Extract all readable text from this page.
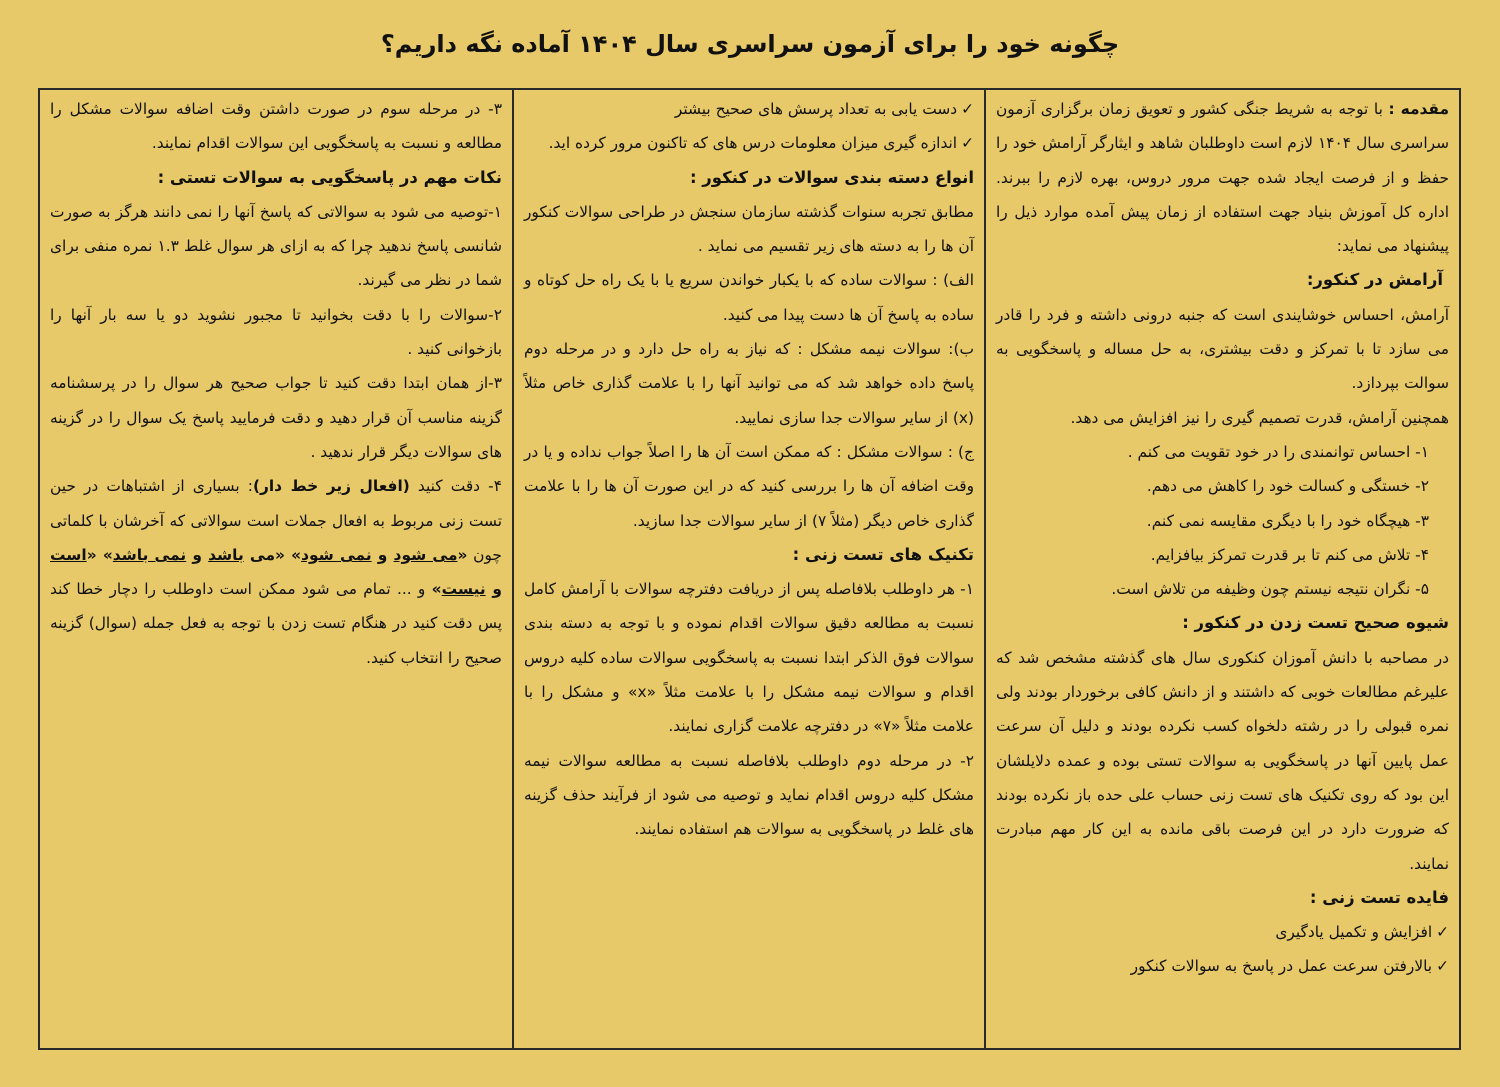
چگونه خود را برای آزمون سراسری سال ۱۴۰۴ آماده نگه داریم؟

مقدمه : با توجه به شریط جنگی کشور و تعویق زمان برگزاری آزمون سراسری سال ۱۴۰۴ لازم است داوطلبان شاهد و ایثارگر آرامش خود را حفظ و از فرصت ایجاد شده جهت مرور دروس، بهره لازم را ببرند. اداره کل آموزش بنیاد جهت استفاده از زمان پیش آمده موارد ذیل را پیشنهاد می نماید:

آرامش در کنکور:

آرامش، احساس خوشایندی است که جنبه درونی داشته و فرد را قادر می سازد تا با تمرکز و دقت بیشتری، به حل مساله و پاسخگویی به سوالت بپردازد.

همچنین آرامش، قدرت تصمیم گیری را نیز افزایش می دهد.

۱- احساس توانمندی را در خود تقویت می کنم .

۲- خستگی و کسالت خود را کاهش می دهم.

۳- هیچگاه خود را با دیگری مقایسه نمی کنم.

۴- تلاش می کنم تا بر قدرت تمرکز بیافزایم.

۵- نگران نتیجه نیستم چون وظیفه من تلاش است.

شیوه صحیح تست زدن در کنکور :

در مصاحبه با دانش آموزان کنکوری سال های گذشته مشخص شد که علیرغم مطالعات خوبی که داشتند و از دانش کافی برخوردار بودند ولی نمره قبولی را در رشته دلخواه کسب نکرده بودند و دلیل آن سرعت عمل پایین آنها در پاسخگویی به سوالات تستی بوده و عمده دلایلشان این بود که روی تکنیک های تست زنی حساب علی حده باز نکرده بودند که ضرورت دارد در این فرصت باقی مانده به این کار مهم مبادرت نمایند.

فایده تست زنی :

✓افزایش و تکمیل یادگیری

✓بالارفتن سرعت عمل در پاسخ به سوالات کنکور

✓دست یابی به تعداد پرسش های صحیح بیشتر

✓اندازه گیری میزان معلومات درس های که تاکنون مرور کرده اید.

انواع دسته بندی سوالات در کنکور :

مطابق تجربه سنوات گذشته سازمان سنجش در طراحی سوالات کنکور آن ها را به دسته های زیر تقسیم می نماید .

الف) : سوالات ساده که با یکبار خواندن سریع یا با یک راه حل کوتاه و ساده به پاسخ آن ها دست پیدا می کنید.

ب): سوالات نیمه مشکل : که نیاز به راه حل دارد و در مرحله دوم پاسخ داده خواهد شد که می توانید آنها را با علامت گذاری خاص مثلاً (x) از سایر سوالات جدا سازی نمایید.

ج) : سوالات مشکل : که ممکن است آن ها را اصلاً جواب نداده و یا در وقت اضافه آن ها را بررسی کنید که در این صورت آن ها را با علامت گذاری خاص دیگر (مثلاً ۷) از سایر سوالات جدا سازید.

تکنیک های تست زنی :

۱- هر داوطلب بلافاصله پس از دریافت دفترچه سوالات با آرامش کامل نسبت به مطالعه دقیق سوالات اقدام نموده و با توجه به دسته بندی سوالات فوق الذکر ابتدا نسبت به پاسخگویی سوالات ساده کلیه دروس اقدام و سوالات نیمه مشکل را با علامت مثلاً «x» و مشکل را با علامت مثلاً «۷» در دفترچه علامت گزاری نمایند.

۲- در مرحله دوم داوطلب بلافاصله نسبت به مطالعه سوالات نیمه مشکل کلیه دروس اقدام نماید و توصیه می شود از فرآیند حذف گزینه های غلط در پاسخگویی به سوالات هم استفاده نمایند.

۳- در مرحله سوم در صورت داشتن وقت اضافه سوالات مشکل را مطالعه و نسبت به پاسخگویی این سوالات اقدام نمایند.

نکات مهم در پاسخگویی به سوالات تستی :

۱-توصیه می شود به سوالاتی که پاسخ آنها را نمی دانند هرگز به صورت شانسی پاسخ ندهید چرا که به ازای هر سوال غلط ۱.۳ نمره منفی برای شما در نظر می گیرند.

۲-سوالات را با دقت بخوانید تا مجبور نشوید دو یا سه بار آنها را بازخوانی کنید .

۳-از همان ابتدا دقت کنید تا جواب صحیح هر سوال را در پرسشنامه گزینه مناسب آن قرار دهید و دقت فرمایید پاسخ یک سوال را در گزینه های سوالات دیگر قرار ندهید .

۴- دقت کنید (افعال زیر خط دار): بسیاری از اشتباهات در حین تست زنی مربوط به افعال جملات است سوالاتی که آخرشان با کلماتی چون «می شود و نمی شود» «می باشد و نمی باشد» «است و نیست» و ... تمام می شود ممکن است داوطلب را دچار خطا کند پس دقت کنید در هنگام تست زدن با توجه به فعل جمله (سوال) گزینه صحیح را انتخاب کنید.
